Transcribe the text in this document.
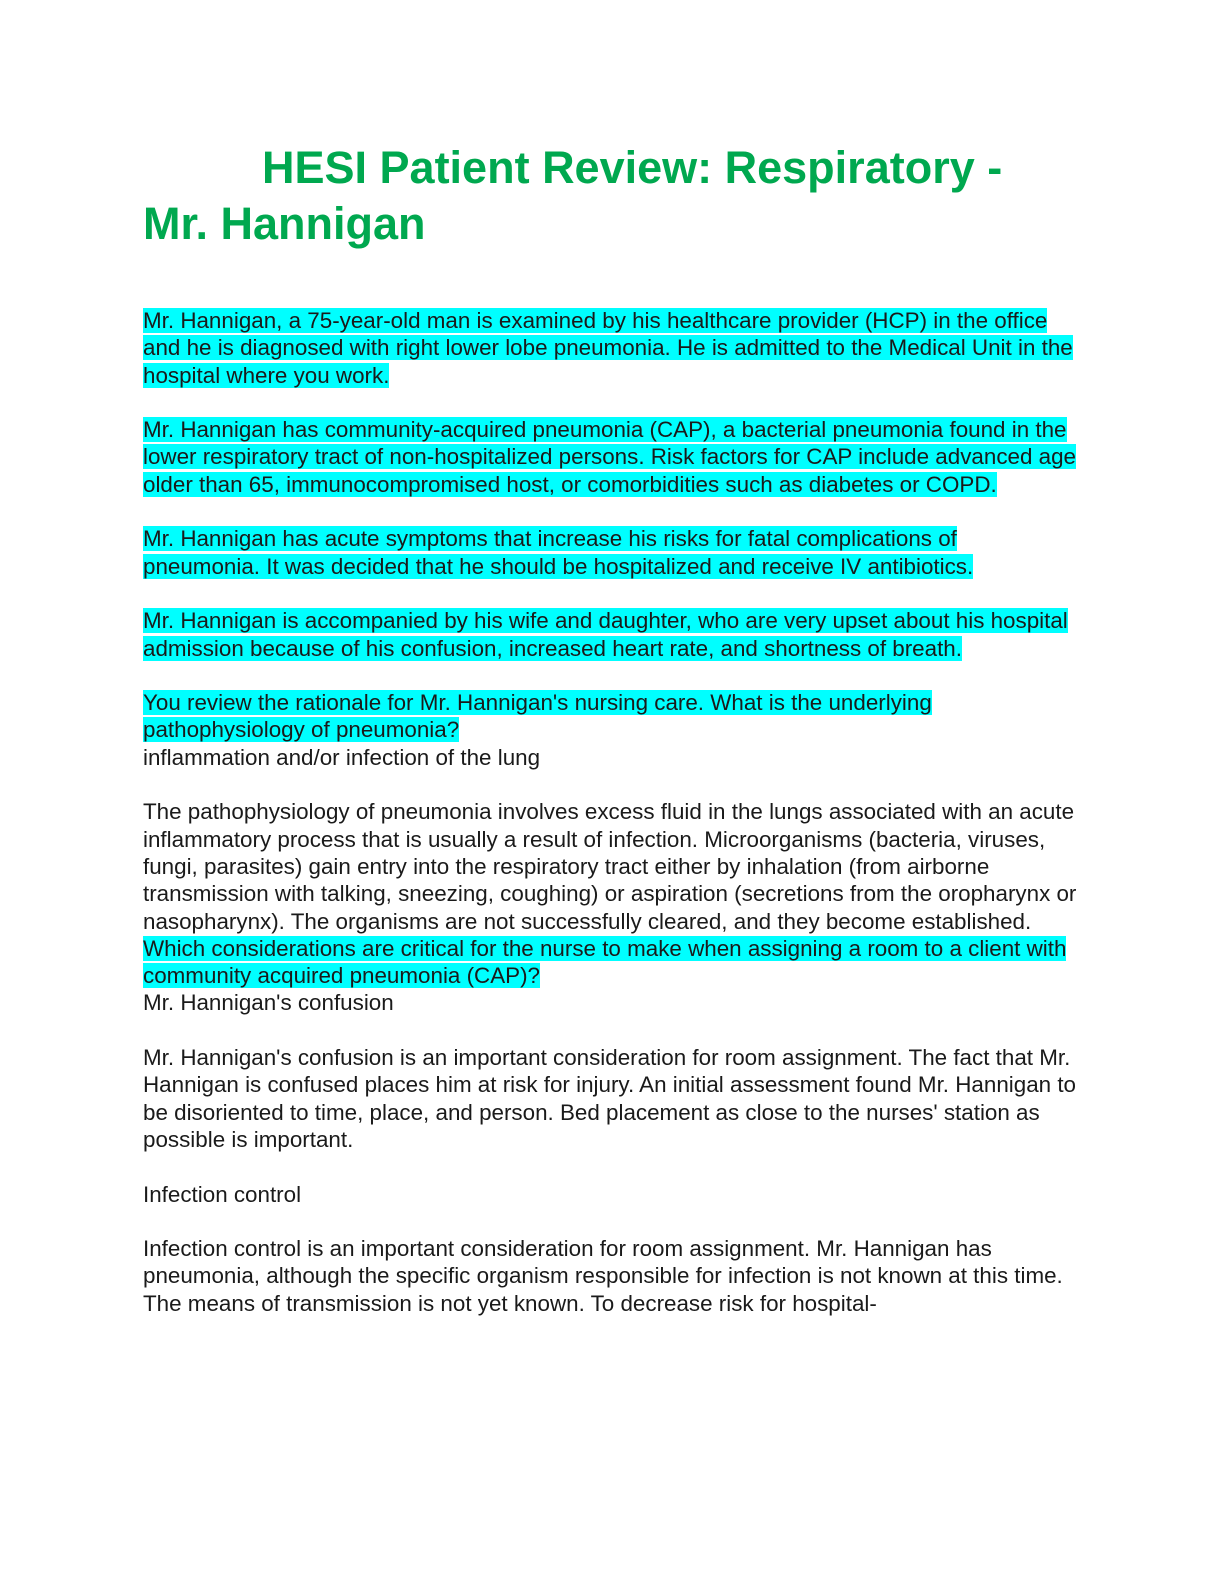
HESI Patient Review: Respiratory - Mr. Hannigan

Mr. Hannigan, a 75-year-old man is examined by his healthcare provider (HCP) in the office and he is diagnosed with right lower lobe pneumonia. He is admitted to the Medical Unit in the hospital where you work.

Mr. Hannigan has community-acquired pneumonia (CAP), a bacterial pneumonia found in the lower respiratory tract of non-hospitalized persons. Risk factors for CAP include advanced age older than 65, immunocompromised host, or comorbidities such as diabetes or COPD.

Mr. Hannigan has acute symptoms that increase his risks for fatal complications of pneumonia. It was decided that he should be hospitalized and receive IV antibiotics.

Mr. Hannigan is accompanied by his wife and daughter, who are very upset about his hospital admission because of his confusion, increased heart rate, and shortness of breath.

You review the rationale for Mr. Hannigan's nursing care. What is the underlying pathophysiology of pneumonia?

inflammation and/or infection of the lung

The pathophysiology of pneumonia involves excess fluid in the lungs associated with an acute inflammatory process that is usually a result of infection. Microorganisms (bacteria, viruses, fungi, parasites) gain entry into the respiratory tract either by inhalation (from airborne transmission with talking, sneezing, coughing) or aspiration (secretions from the oropharynx or nasopharynx). The organisms are not successfully cleared, and they become established.

Which considerations are critical for the nurse to make when assigning a room to a client with community acquired pneumonia (CAP)?

Mr. Hannigan's confusion

Mr. Hannigan's confusion is an important consideration for room assignment. The fact that Mr. Hannigan is confused places him at risk for injury. An initial assessment found Mr. Hannigan to be disoriented to time, place, and person. Bed placement as close to the nurses' station as possible is important.

Infection control

Infection control is an important consideration for room assignment. Mr. Hannigan has pneumonia, although the specific organism responsible for infection is not known at this time. The means of transmission is not yet known. To decrease risk for hospital-
